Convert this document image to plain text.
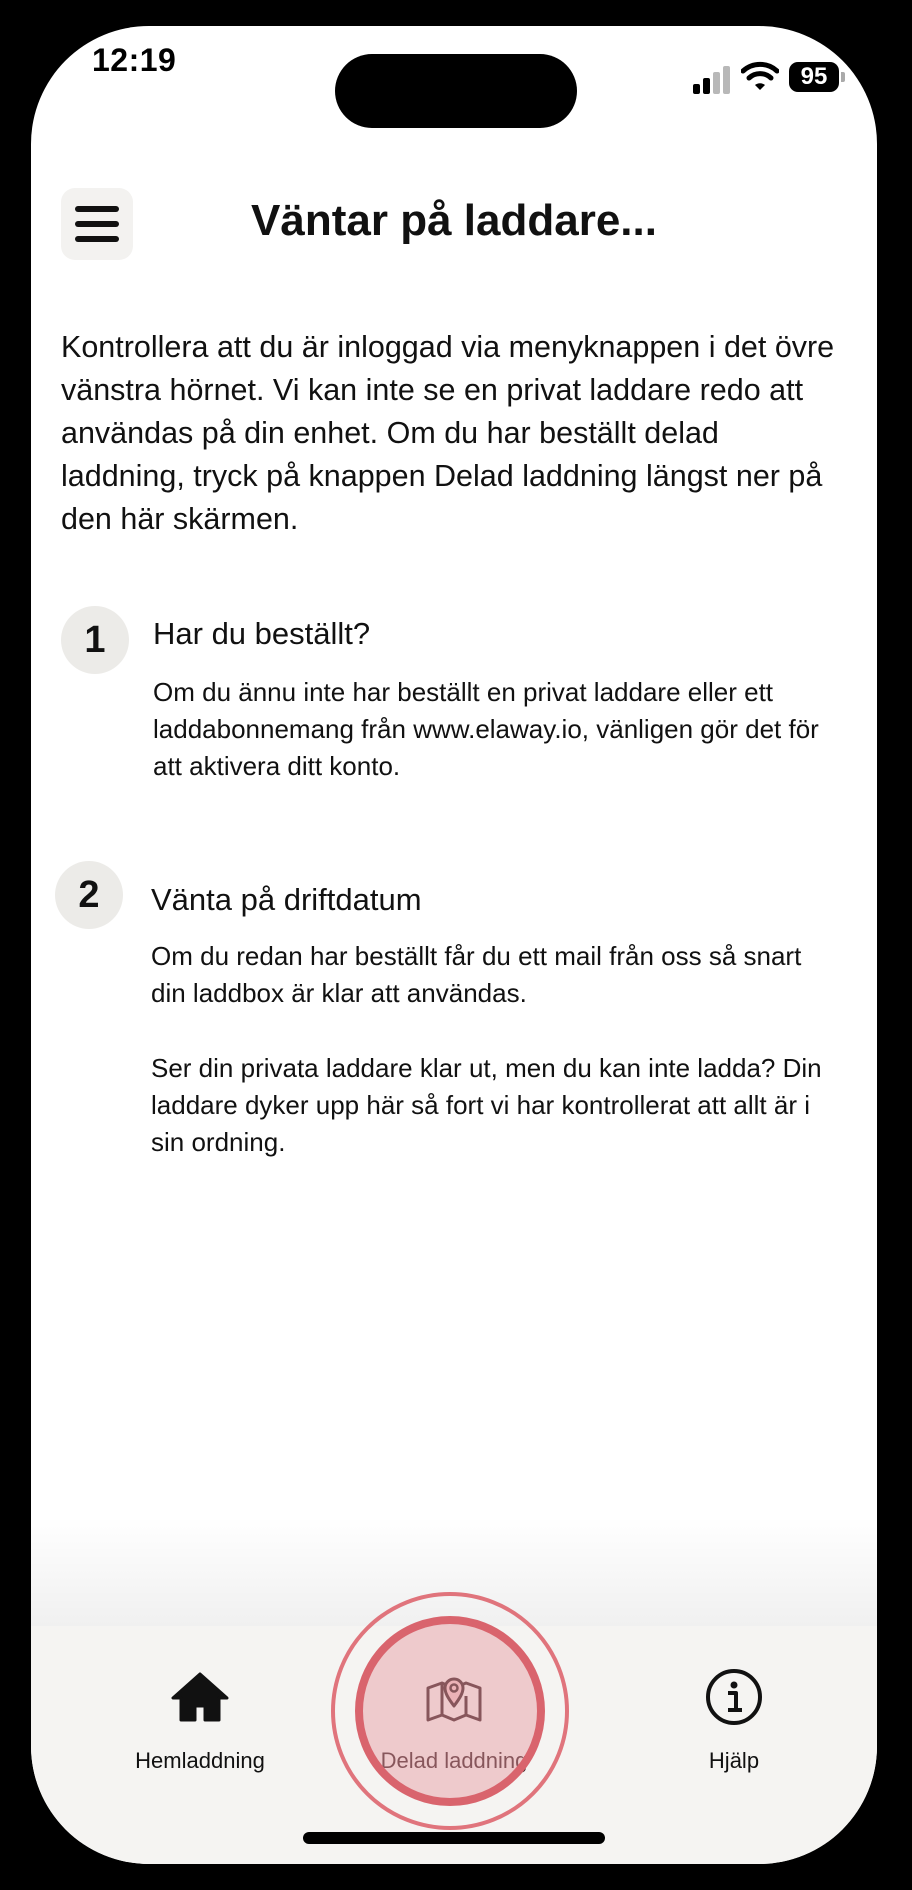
12:19	95
Väntar på laddare...
Kontrollera att du är inloggad via menyknappen i det övre vänstra hörnet. Vi kan inte se en privat laddare redo att användas på din enhet. Om du har beställt delad laddning, tryck på knappen Delad laddning längst ner på den här skärmen.
1	Har du beställt?
Om du ännu inte har beställt en privat laddare eller ett laddabonnemang från www.elaway.io, vänligen gör det för att aktivera ditt konto.
2	Vänta på driftdatum
Om du redan har beställt får du ett mail från oss så snart din laddbox är klar att användas.
Ser din privata laddare klar ut, men du kan inte ladda? Din laddare dyker upp här så fort vi har kontrollerat att allt är i sin ordning.
Hemladdning	Delad laddning	Hjälp
